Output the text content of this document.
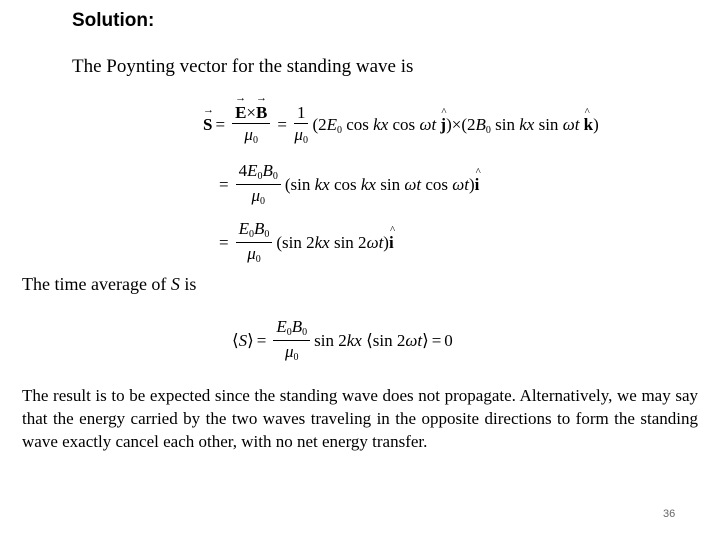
Solution:
The Poynting vector for the standing wave is
→ S = → $\frac{E\times\to B}{\mu_0} = \frac{1}{\mu_0} (2E_0$ cos kx cos ωt ^ $j)\times(2B_0$ sin kx sin ωt ^ k)
= $\frac{4E_0B_0}{\mu_0} (\sin$ kx cos kx sin ωt cos ωt)^ i
= $\frac{E_0B_0}{\mu_0} (\sin$ 2kx sin 2ωt)^ i
The time average of S is
⟨S⟩ = $\frac{E_0B_0}{\mu_0}$ sin 2kx ⟨sin 2ωt⟩ = 0
The result is to be expected since the standing wave does not propagate. Alternatively, we may say that the energy carried by the two waves traveling in the opposite directions to form the standing wave exactly cancel each other, with no net energy transfer.
36
